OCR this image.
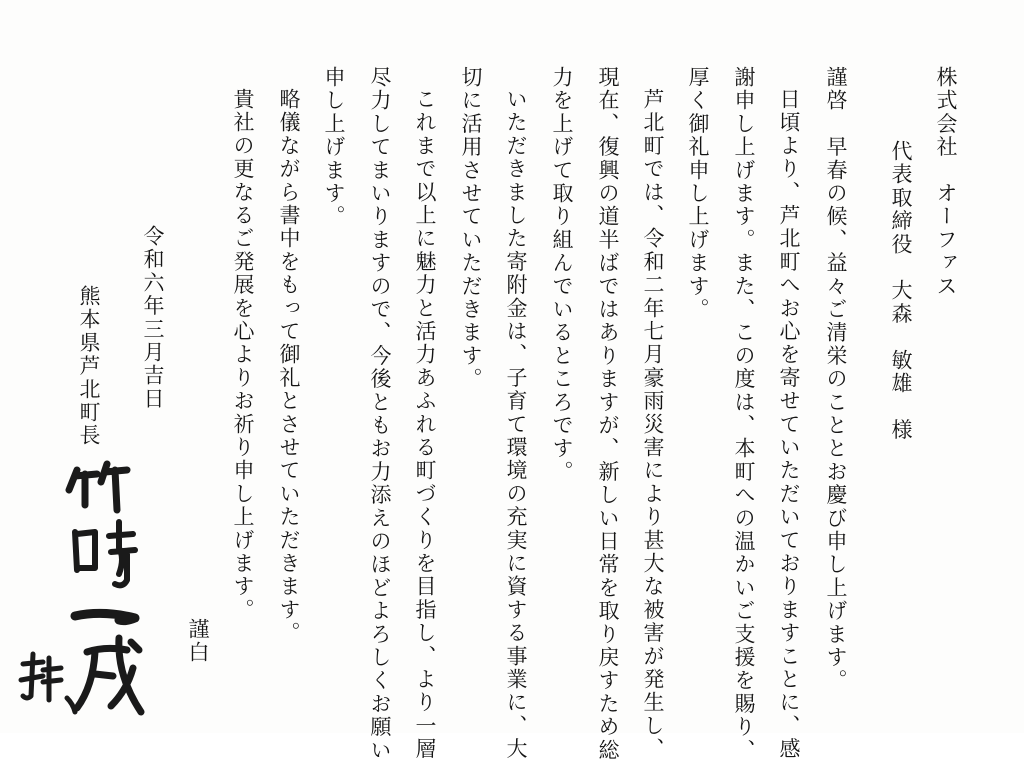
株式会社　オーファス
代表取締役　大森　敏雄　様
謹啓　早春の候、益々ご清栄のこととお慶び申し上げます。
日頃より、芦北町へお心を寄せていただいておりますことに、感
謝申し上げます。また、この度は、本町への温かいご支援を賜り、
厚く御礼申し上げます。
芦北町では、令和二年七月豪雨災害により甚大な被害が発生し、
現在、復興の道半ばではありますが、新しい日常を取り戻すため総
力を上げて取り組んでいるところです。
いただきました寄附金は、子育て環境の充実に資する事業に、大
切に活用させていただきます。
これまで以上に魅力と活力あふれる町づくりを目指し、より一層
尽力してまいりますので、今後ともお力添えのほどよろしくお願い
申し上げます。
略儀ながら書中をもって御礼とさせていただきます。
貴社の更なるご発展を心よりお祈り申し上げます。
謹白
令和六年三月吉日
熊本県芦北町長
